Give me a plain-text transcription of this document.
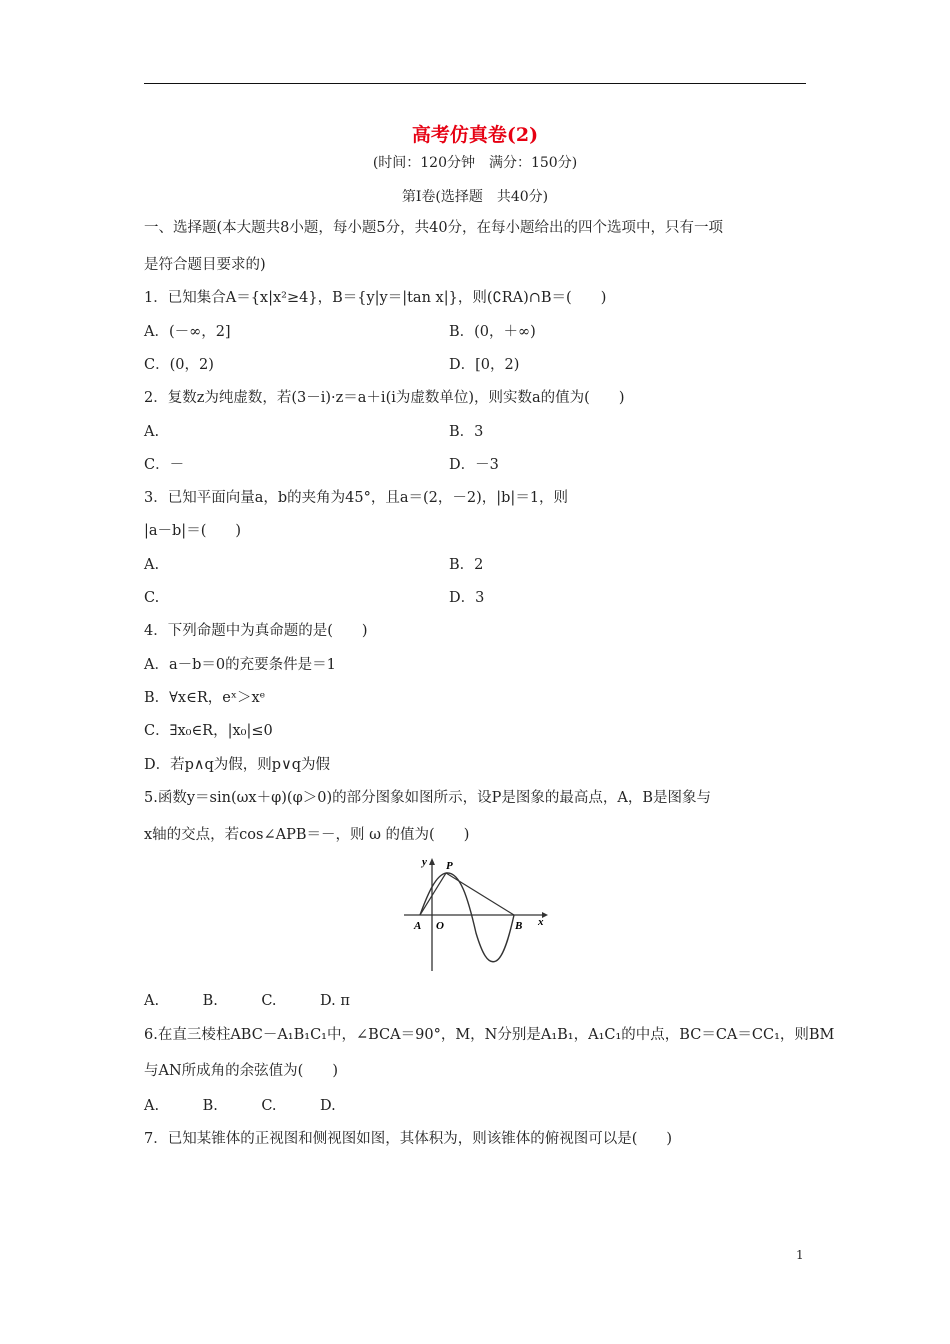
高考仿真卷(2)
(时间：120分钟　满分：150分)
第Ⅰ卷(选择题　共40分)
一、选择题(本大题共8小题，每小题5分，共40分，在每小题给出的四个选项中，只有一项
是符合题目要求的)
1．已知集合A＝{x|x²≥4}，B＝{y|y＝|tan x|}，则(∁RA)∩B＝(　　)
A．(－∞，2]	B．(0，＋∞)
C．(0，2)	D．[0，2)
2．复数z为纯虚数，若(3－i)·z＝a＋i(i为虚数单位)，则实数a的值为(　　)
A.	B．3
C．－	D．－3
3．已知平面向量a，b的夹角为45°，且a＝(2，－2)，|b|＝1，则
|a－b|＝(　　)
A.	B．2
C.	D．3
4．下列命题中为真命题的是(　　)
A．a－b＝0的充要条件是＝1
B．∀x∈R，eˣ＞xᵉ
C．∃x₀∈R，|x₀|≤0
D．若p∧q为假，则p∨q为假
5.函数y＝sin(ωx＋φ)(φ＞0)的部分图象如图所示，设P是图象的最高点，A，B是图象与
x轴的交点，若cos∠APB＝－，则 ω 的值为(　　)
A.　　　B.　　　C.　　　D. π
6.在直三棱柱ABC－A₁B₁C₁中，∠BCA＝90°，M，N分别是A₁B₁，A₁C₁的中点，BC＝CA＝CC₁，则BM
与AN所成角的余弦值为(　　)
A.　　　B.　　　C.　　　D.
7．已知某锥体的正视图和侧视图如图，其体积为，则该锥体的俯视图可以是(　　)
y P
A O	B x
1
